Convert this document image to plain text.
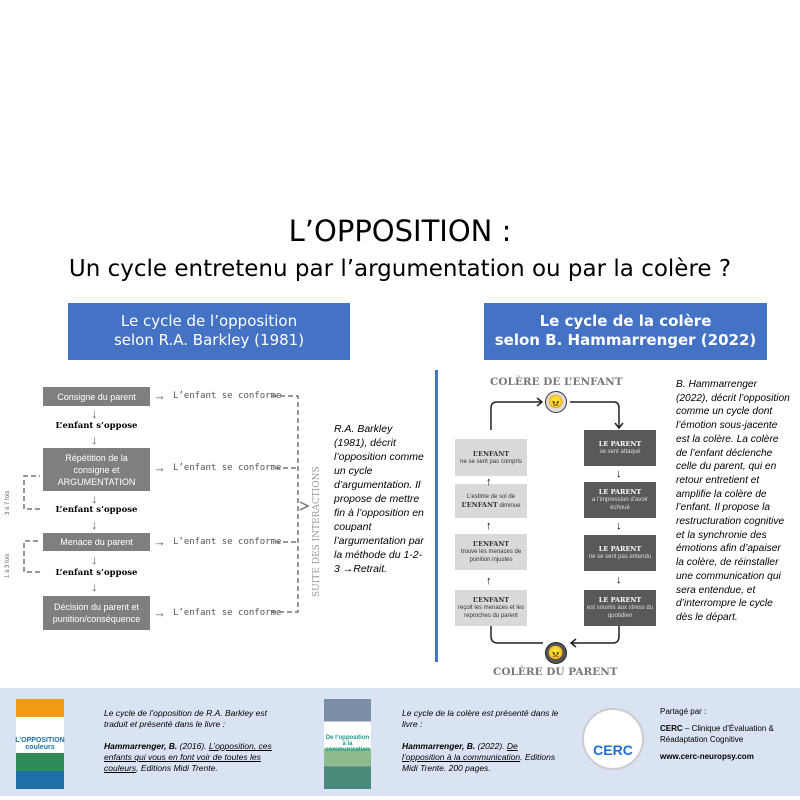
L’OPPOSITION :
Un cycle entretenu par l’argumentation ou par la colère ?
Le cycle de l’opposition
selon R.A. Barkley (1981)
Le cycle de la colère
selon B. Hammarrenger (2022)
Consigne du parent
Répétition de la consigne et ARGUMENTATION
Menace du parent
Décision du parent et punition/conséquence
L’enfant s’oppose
L’enfant s’oppose
L’enfant s’oppose
↓
↓
↓
↓
↓
↓
→
→
→
→
L’enfant se conforme
L’enfant se conforme
L’enfant se conforme
L’enfant se conforme
3 à 7 fois
1 à 3 fois	SUITE DES INTERACTIONS
R.A. Barkley (1981), décrit l’opposition comme un cycle d’argumentation. Il propose de mettre fin à l’opposition en coupant l’argumentation par la méthode du 1-2-3 →Retrait.
COLÈRE DE L’ENFANT
COLÈRE DU PARENT
😠
😠
L’ENFANT
ne se sent pas compris
L’estime de soi de
L’ENFANT diminue
L’ENFANT
trouve les menaces de punition injustes
L’ENFANT
reçoit les menaces et les reproches du parent
LE PARENT
se sent attaqué
LE PARENT
a l’impression d’avoir échoué
LE PARENT
ne se sent pas entendu
LE PARENT
est soumis aux stress du quotidien
↑
↑
↑
↓
↓
↓
B. Hammarrenger (2022), décrit l’opposition comme un cycle dont l’émotion sous-jacente est la colère. La colère de l’enfant déclenche celle du parent, qui en retour entretient et amplifie la colère de l’enfant. Il propose la restructuration cognitive et la synchronie des émotions afin d’apaiser la colère, de réinstaller une communication qui sera entendue, et d’interrompre le cycle dès le départ.
L’OPPOSITION couleurs
Le cycle de l’opposition de R.A. Barkley est traduit et présenté dans le livre :

Hammarrenger, B. (2016). L’opposition, ces enfants qui vous en font voir de toutes les couleurs, Editions Midi Trente.
De l’opposition à la communication
Le cycle de la colère est présenté dans le livre :

Hammarrenger, B. (2022). De l’opposition à la communication. Editions Midi Trente. 200 pages.
CERC
Partagé par :
CERC – Clinique d’Évaluation & Réadaptation Cognitive
www.cerc-neuropsy.com
